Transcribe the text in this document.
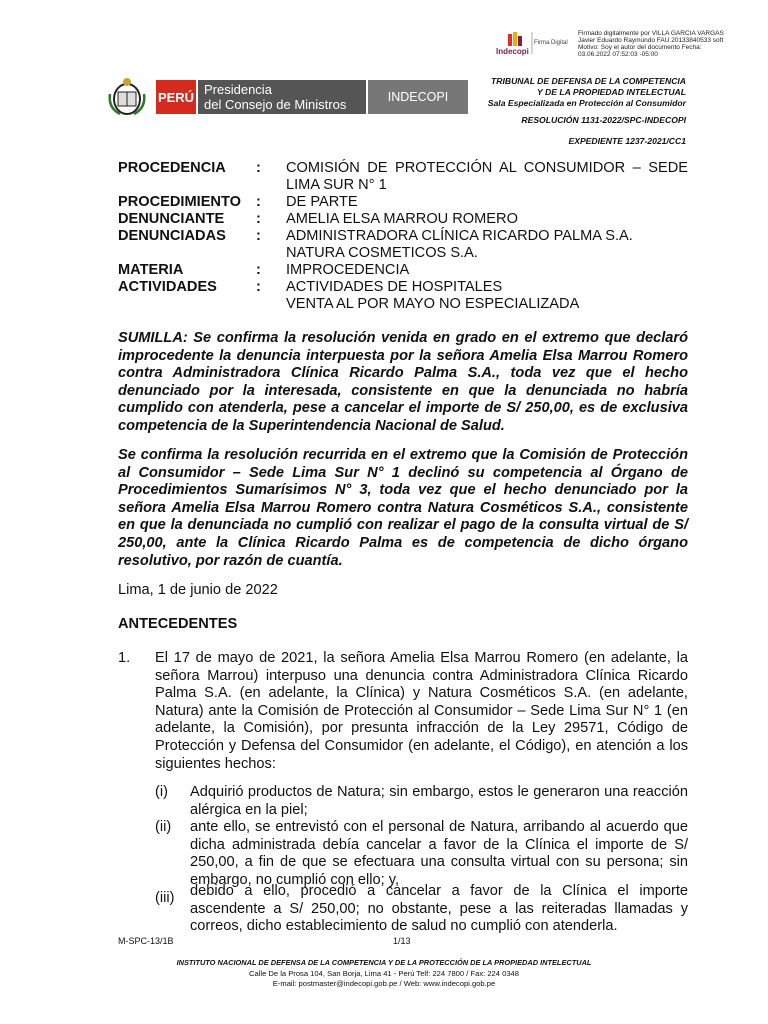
PERÚ Presidencia
del Consejo de Ministros	INDECOPI
Indecopi
Firma Digital
Firmado digitalmente por VILLA GARCIA VARGAS Javier Eduardo Raymundo FAU 20133840533 soft Motivo: Soy el autor del documento Fecha: 03.06.2022 07:52:03 -05:00
TRIBUNAL DE DEFENSA DE LA COMPETENCIA
Y DE LA PROPIEDAD INTELECTUAL
Sala Especializada en Protección al Consumidor
RESOLUCIÓN 1131-2022/SPC-INDECOPI
EXPEDIENTE 1237-2021/CC1
PROCEDENCIA	:	COMISIÓN DE PROTECCIÓN AL CONSUMIDOR – SEDE LIMA SUR N° 1
PROCEDIMIENTO	:	DE PARTE
DENUNCIANTE	:	AMELIA ELSA MARROU ROMERO
DENUNCIADAS	:	ADMINISTRADORA CLÍNICA RICARDO PALMA S.A.
NATURA COSMETICOS S.A.
MATERIA	:	IMPROCEDENCIA
ACTIVIDADES	:	ACTIVIDADES DE HOSPITALES
VENTA AL POR MAYO NO ESPECIALIZADA
SUMILLA: Se confirma la resolución venida en grado en el extremo que declaró improcedente la denuncia interpuesta por la señora Amelia Elsa Marrou Romero contra Administradora Clínica Ricardo Palma S.A., toda vez que el hecho denunciado por la interesada, consistente en que la denunciada no habría cumplido con atenderla, pese a cancelar el importe de S/ 250,00, es de exclusiva competencia de la Superintendencia Nacional de Salud.
Se confirma la resolución recurrida en el extremo que la Comisión de Protección al Consumidor – Sede Lima Sur N° 1 declinó su competencia al Órgano de Procedimientos Sumarísimos N° 3, toda vez que el hecho denunciado por la señora Amelia Elsa Marrou Romero contra Natura Cosméticos S.A., consistente en que la denunciada no cumplió con realizar el pago de la consulta virtual de S/ 250,00, ante la Clínica Ricardo Palma es de competencia de dicho órgano resolutivo, por razón de cuantía.
Lima, 1 de junio de 2022
ANTECEDENTES
1. El 17 de mayo de 2021, la señora Amelia Elsa Marrou Romero (en adelante, la señora Marrou) interpuso una denuncia contra Administradora Clínica Ricardo Palma S.A. (en adelante, la Clínica) y Natura Cosméticos S.A. (en adelante, Natura) ante la Comisión de Protección al Consumidor – Sede Lima Sur N° 1 (en adelante, la Comisión), por presunta infracción de la Ley 29571, Código de Protección y Defensa del Consumidor (en adelante, el Código), en atención a los siguientes hechos:
(i) Adquirió productos de Natura; sin embargo, estos le generaron una reacción alérgica en la piel;
(ii) ante ello, se entrevistó con el personal de Natura, arribando al acuerdo que dicha administrada debía cancelar a favor de la Clínica el importe de S/ 250,00, a fin de que se efectuara una consulta virtual con su persona; sin embargo, no cumplió con ello; y,
(iii) debido a ello, procedió a cancelar a favor de la Clínica el importe ascendente a S/ 250,00; no obstante, pese a las reiteradas llamadas y correos, dicho establecimiento de salud no cumplió con atenderla.
M-SPC-13/1B	1/13
INSTITUTO NACIONAL DE DEFENSA DE LA COMPETENCIA Y DE LA PROTECCIÓN DE LA PROPIEDAD INTELECTUAL
Calle De la Prosa 104, San Borja, Lima 41 - Perú Telf: 224 7800 / Fax: 224 0348
E-mail: postmaster@indecopi.gob.pe / Web: www.indecopi.gob.pe
